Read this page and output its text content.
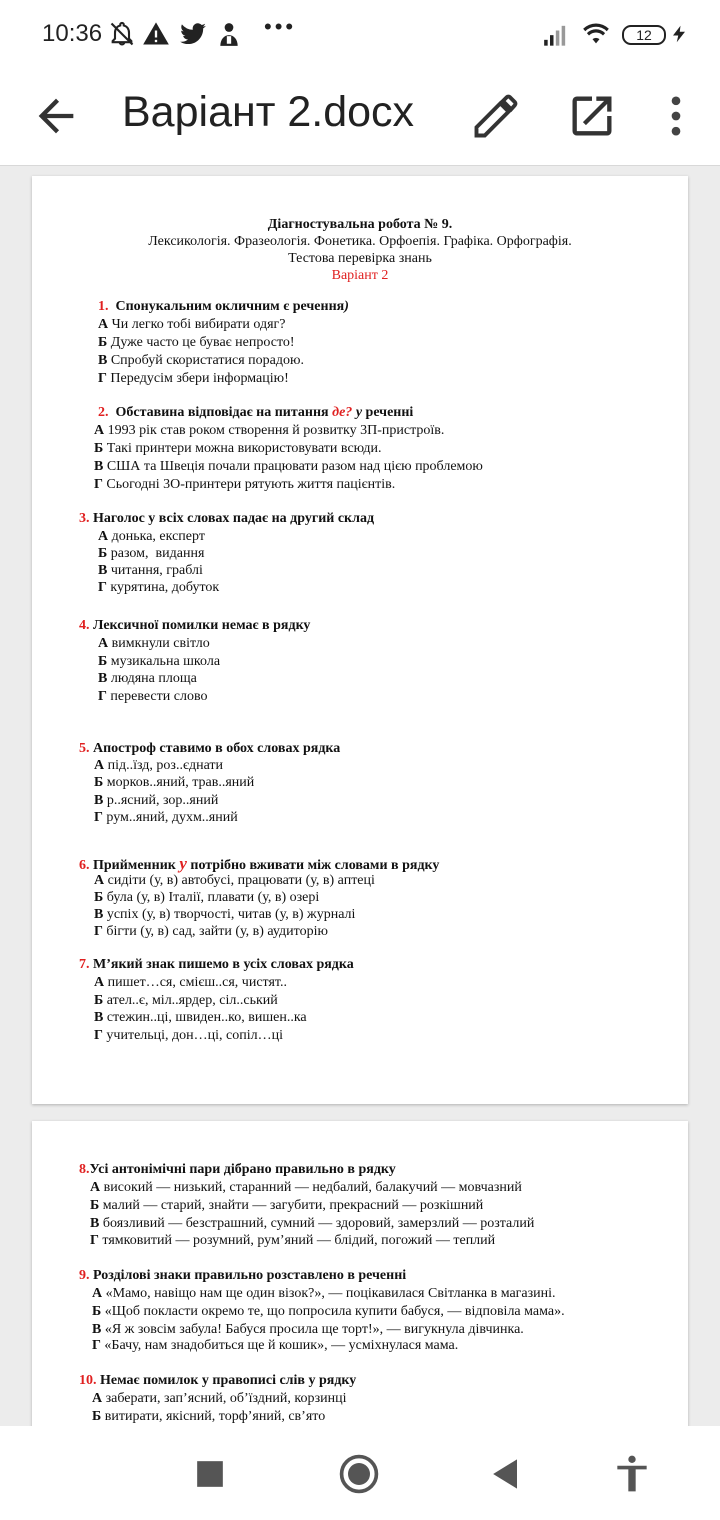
10:36	•••	12
Варіант 2.docx
Діагностувальна робота № 9.
Лексикологія. Фразеологія. Фонетика. Орфоепія. Графіка. Орфографія.
Тестова перевірка знань
Варіант 2
1. Спонукальним окличним є речення)
А Чи легко тобі вибирати одяг?
Б Дуже часто це буває непросто!
В Спробуй скористатися порадою.
Г Передусім збери інформацію!
2. Обставина відповідає на питання де? у реченні
А 1993 рік став роком створення й розвитку 3П-пристроїв.
Б Такі принтери можна використовувати всюди.
В США та Швеція почали працювати разом над цією проблемою
Г Сьогодні 3О-принтери рятують життя пацієнтів.
3. Наголос у всіх словах падає на другий склад
А донька, експерт
Б разом,  видання
В читання, граблі
Г курятина, добуток
4. Лексичної помилки немає в рядку
А вимкнули світло
Б музикальна школа
В людяна площа
Г перевести слово
5. Апостроф ставимо в обох словах рядка
А під..їзд, роз..єднати
Б морков..яний, трав..яний
В р..ясний, зор..яний
Г рум..яний, духм..яний
6. Прийменник у потрібно вживати між словами в рядку
А сидіти (у, в) автобусі, працювати (у, в) аптеці
Б була (у, в) Італії, плавати (у, в) озері
В успіх (у, в) творчості, читав (у, в) журналі
Г бігти (у, в) сад, зайти (у, в) аудиторію
7. М’який знак пишемо в усіх словах рядка
А пишет…ся, смієш..ся, чистят..
Б ател..є, міл..ярдер, сіл..ський
В стежин..ці, швиден..ко, вишен..ка
Г учительці, дон…ці, сопіл…ці
8.Усі антонімічні пари дібрано правильно в рядку
А високий — низький, старанний — недбалий, балакучий — мовчазний
Б малий — старий, знайти — загубити, прекрасний — розкішний
В боязливий — безстрашний, сумний — здоровий, замерзлий — розталий
Г тямковитий — розумний, рум’яний — блідий, погожий — теплий
9. Розділові знаки правильно розставлено в реченні
А «Мамо, навіщо нам ще один візок?», — поцікавилася Світланка в магазині.
Б «Щоб покласти окремо те, що попросила купити бабуся, — відповіла мама».
В «Я ж зовсім забула! Бабуся просила ще торт!», — вигукнула дівчинка.
Г «Бачу, нам знадобиться ще й кошик», — усміхнулася мама.
10. Немає помилок у правописі слів у рядку
А заберати, зап’ясний, об’їздний, корзинці
Б витирати, якісний, торф’яний, св’ято
